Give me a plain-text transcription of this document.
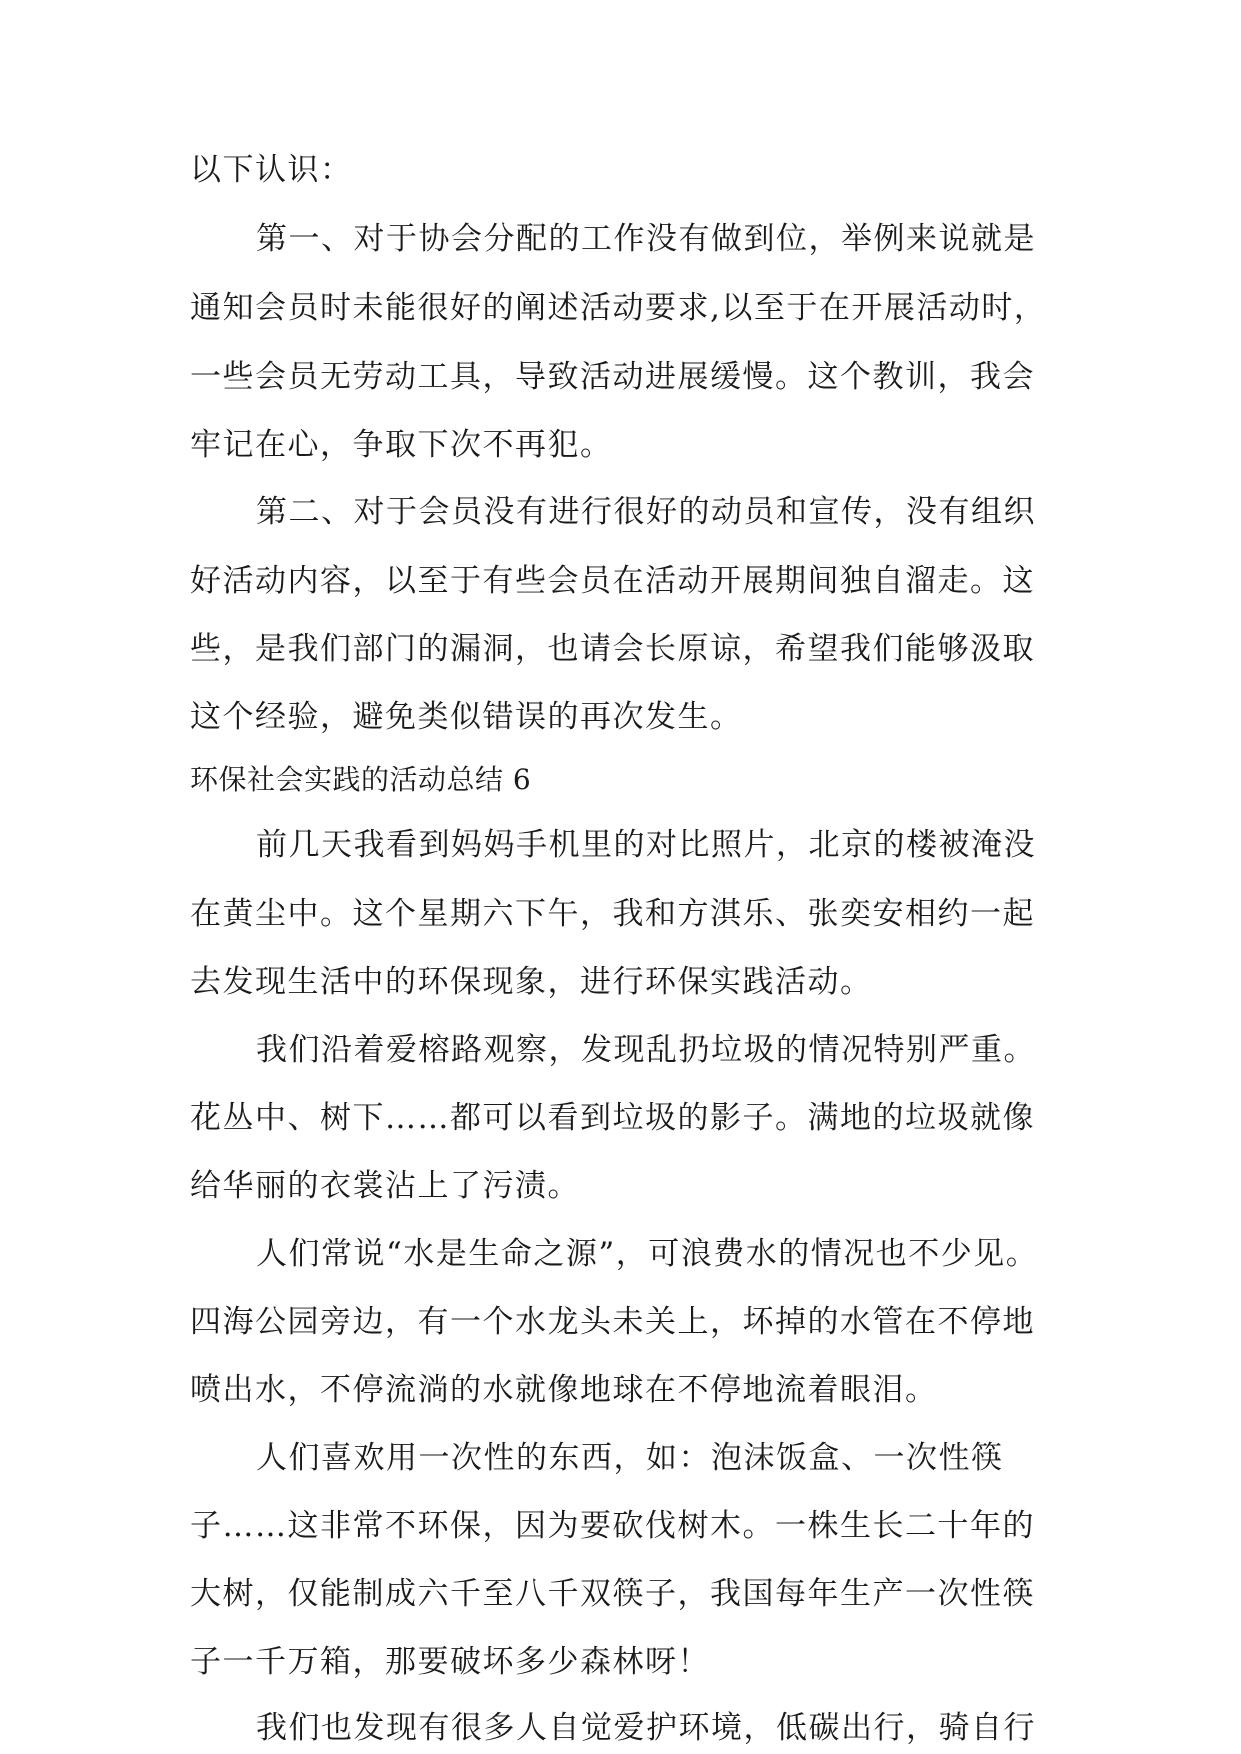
以下认识：
第一、对于协会分配的工作没有做到位，举例来说就是
通知会员时未能很好的阐述活动要求,以至于在开展活动时，
一些会员无劳动工具，导致活动进展缓慢。这个教训，我会
牢记在心，争取下次不再犯。
第二、对于会员没有进行很好的动员和宣传，没有组织
好活动内容，以至于有些会员在活动开展期间独自溜走。这
些，是我们部门的漏洞，也请会长原谅，希望我们能够汲取
这个经验，避免类似错误的再次发生。
环保社会实践的活动总结 6
前几天我看到妈妈手机里的对比照片，北京的楼被淹没
在黄尘中。这个星期六下午，我和方淇乐、张奕安相约一起
去发现生活中的环保现象，进行环保实践活动。
我们沿着爱榕路观察，发现乱扔垃圾的情况特别严重。
花丛中、树下……都可以看到垃圾的影子。满地的垃圾就像
给华丽的衣裳沾上了污渍。
人们常说“水是生命之源”，可浪费水的情况也不少见。
四海公园旁边，有一个水龙头未关上，坏掉的水管在不停地
喷出水，不停流淌的水就像地球在不停地流着眼泪。
人们喜欢用一次性的东西，如：泡沫饭盒、一次性筷
子……这非常不环保，因为要砍伐树木。一株生长二十年的
大树，仅能制成六千至八千双筷子，我国每年生产一次性筷
子一千万箱，那要破坏多少森林呀！
我们也发现有很多人自觉爱护环境，低碳出行，骑自行
